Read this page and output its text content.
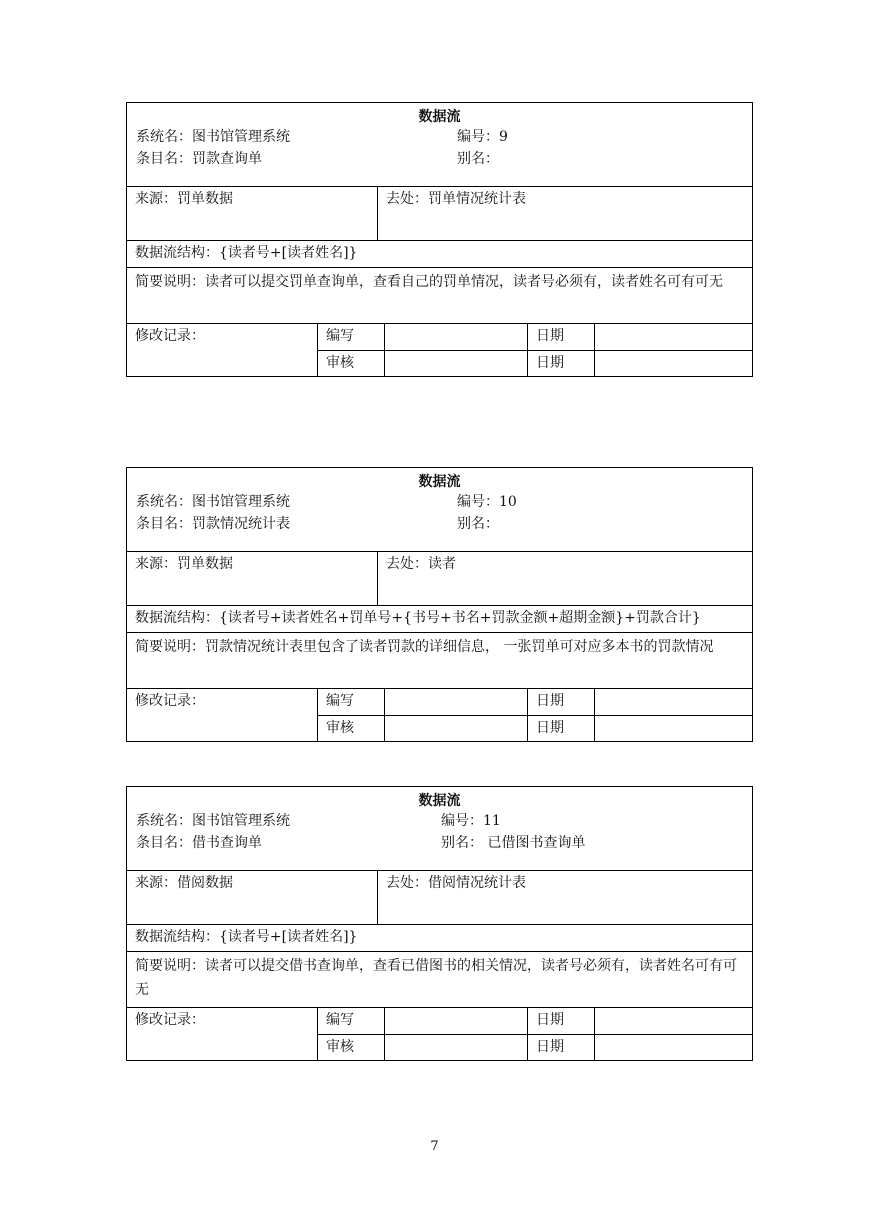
数据流
系统名：图书馆管理系统	编号：9
条目名：罚款查询单	别名：
来源：罚单数据	去处：罚单情况统计表
数据流结构：{读者号+[读者姓名]}
简要说明：读者可以提交罚单查询单，查看自己的罚单情况，读者号必须有，读者姓名可有可无
修改记录：	编写	日期
审核	日期
数据流
系统名：图书馆管理系统	编号：10
条目名：罚款情况统计表	别名：
来源：罚单数据	去处：读者
数据流结构：{读者号+读者姓名+罚单号+{书号+书名+罚款金额+超期金额}+罚款合计}
简要说明：罚款情况统计表里包含了读者罚款的详细信息， 一张罚单可对应多本书的罚款情况
修改记录：	编写	日期
审核	日期
数据流
系统名：图书馆管理系统	编号：11
条目名：借书查询单	别名： 已借图书查询单
来源：借阅数据	去处：借阅情况统计表
数据流结构：{读者号+[读者姓名]}
简要说明：读者可以提交借书查询单，查看已借图书的相关情况，读者号必须有，读者姓名可有可无
修改记录：	编写	日期
审核	日期
7
